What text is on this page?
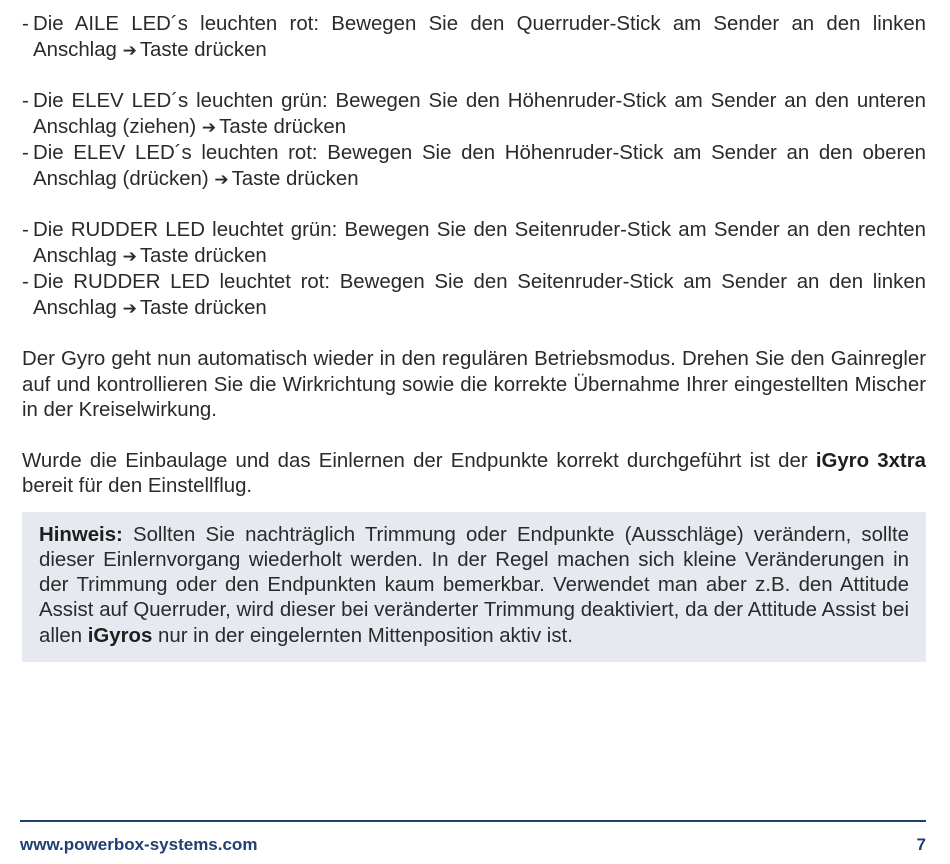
- Die AILE LED´s leuchten rot: Bewegen Sie den Querruder-Stick am Sender an den linken Anschlag ➔ Taste drücken
- Die ELEV LED´s leuchten grün: Bewegen Sie den Höhenruder-Stick am Sender an den unteren Anschlag (ziehen) ➔ Taste drücken
- Die ELEV LED´s leuchten rot: Bewegen Sie den Höhenruder-Stick am Sender an den oberen Anschlag (drücken) ➔ Taste drücken
- Die RUDDER LED leuchtet grün: Bewegen Sie den Seitenruder-Stick am Sender an den rechten Anschlag ➔ Taste drücken
- Die RUDDER LED leuchtet rot: Bewegen Sie den Seitenruder-Stick am Sender an den linken Anschlag ➔ Taste drücken

Der Gyro geht nun automatisch wieder in den regulären Betriebsmodus. Drehen Sie den Gainregler auf und kontrollieren Sie die Wirkrichtung sowie die korrekte Übernahme Ihrer eingestellten Mischer in der Kreiselwirkung.

Wurde die Einbaulage und das Einlernen der Endpunkte korrekt durchgeführt ist der iGyro 3xtra bereit für den Einstellflug.

Hinweis: Sollten Sie nachträglich Trimmung oder Endpunkte (Ausschläge) verändern, sollte dieser Einlernvorgang wiederholt werden. In der Regel machen sich kleine Veränderungen in der Trimmung oder den Endpunkten kaum bemerkbar. Verwendet man aber z.B. den Attitude Assist auf Querruder, wird dieser bei veränderter Trimmung deaktiviert, da der Attitude Assist bei allen iGyros nur in der eingelernten Mittenposition aktiv ist.
www.powerbox-systems.com	7
